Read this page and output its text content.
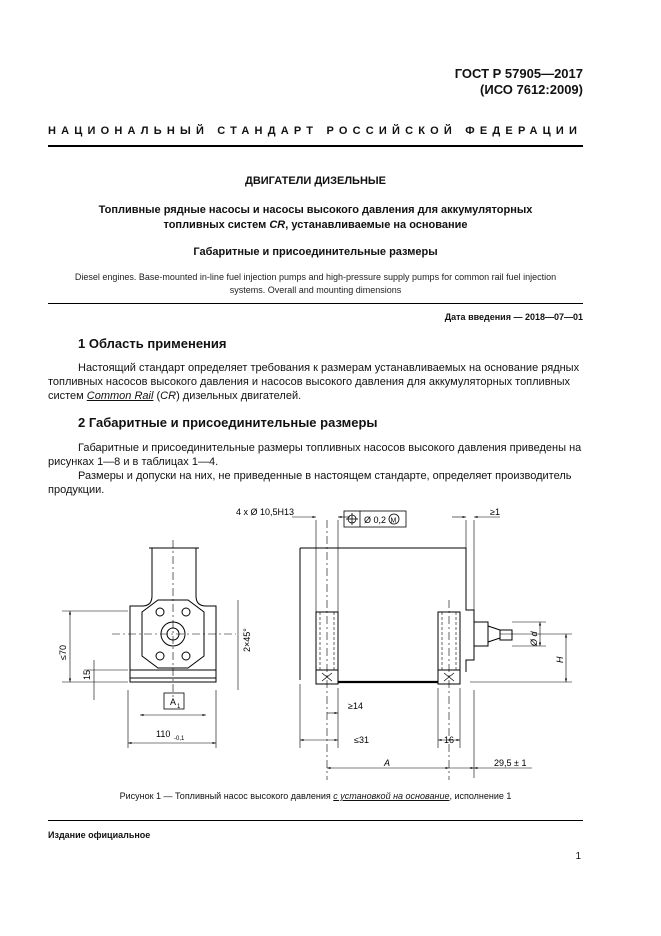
ГОСТ Р 57905—2017
(ИСО 7612:2009)
НАЦИОНАЛЬНЫЙ СТАНДАРТ РОССИЙСКОЙ ФЕДЕРАЦИИ
ДВИГАТЕЛИ ДИЗЕЛЬНЫЕ
Топливные рядные насосы и насосы высокого давления для аккумуляторных
топливных систем CR, устанавливаемые на основание
Габаритные и присоединительные размеры
Diesel engines. Base-mounted in-line fuel injection pumps and high-pressure supply pumps for common rail fuel injection
systems. Overall and mounting dimensions
Дата введения — 2018—07—01
1 Область применения
Настоящий стандарт определяет требования к размерам устанавливаемых на основание рядных
топливных насосов высокого давления и насосов высокого давления для аккумуляторных топливных
систем Common Rail (CR) дизельных двигателей.
2 Габаритные и присоединительные размеры
Габаритные и присоединительные размеры топливных насосов высокого давления приведены на
рисунках 1—8 и в таблицах 1—4.
Размеры и допуски на них, не приведенные в настоящем стандарте, определяет производитель
продукции.
4 x Ø 10,5H13
Ø 0,2 M
≥1
≤70
15
2×45°
A 1
110 -0,1
≥14
≤31	16
A	29,5 ± 1
Ø d
H
Рисунок 1 — Топливный насос высокого давления с установкой на основание, исполнение 1
Издание официальное
1
